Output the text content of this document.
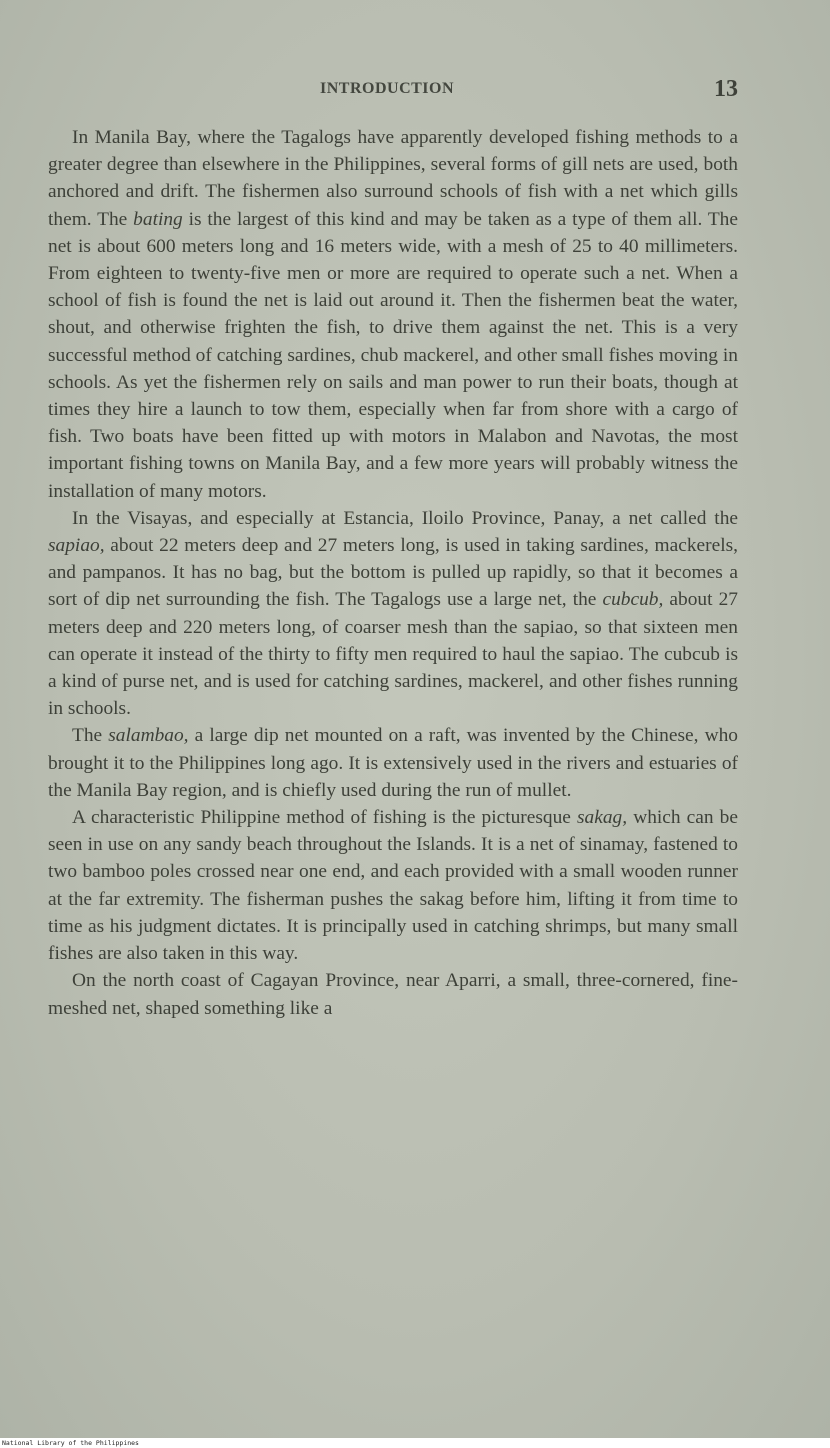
INTRODUCTION	13

In Manila Bay, where the Tagalogs have apparently developed fishing methods to a greater degree than elsewhere in the Philippines, several forms of gill nets are used, both anchored and drift. The fishermen also surround schools of fish with a net which gills them. The bating is the largest of this kind and may be taken as a type of them all. The net is about 600 meters long and 16 meters wide, with a mesh of 25 to 40 millimeters. From eighteen to twenty-five men or more are required to operate such a net. When a school of fish is found the net is laid out around it. Then the fishermen beat the water, shout, and otherwise frighten the fish, to drive them against the net. This is a very successful method of catching sardines, chub mackerel, and other small fishes moving in schools. As yet the fishermen rely on sails and man power to run their boats, though at times they hire a launch to tow them, especially when far from shore with a cargo of fish. Two boats have been fitted up with motors in Malabon and Navotas, the most important fishing towns on Manila Bay, and a few more years will probably witness the installation of many motors.

In the Visayas, and especially at Estancia, Iloilo Province, Panay, a net called the sapiao, about 22 meters deep and 27 meters long, is used in taking sardines, mackerels, and pampanos. It has no bag, but the bottom is pulled up rapidly, so that it becomes a sort of dip net surrounding the fish. The Tagalogs use a large net, the cubcub, about 27 meters deep and 220 meters long, of coarser mesh than the sapiao, so that sixteen men can operate it instead of the thirty to fifty men required to haul the sapiao. The cubcub is a kind of purse net, and is used for catching sardines, mackerel, and other fishes running in schools.

The salambao, a large dip net mounted on a raft, was invented by the Chinese, who brought it to the Philippines long ago. It is extensively used in the rivers and estuaries of the Manila Bay region, and is chiefly used during the run of mullet.

A characteristic Philippine method of fishing is the picturesque sakag, which can be seen in use on any sandy beach throughout the Islands. It is a net of sinamay, fastened to two bamboo poles crossed near one end, and each provided with a small wooden runner at the far extremity. The fisherman pushes the sakag before him, lifting it from time to time as his judgment dictates. It is principally used in catching shrimps, but many small fishes are also taken in this way.

On the north coast of Cagayan Province, near Aparri, a small, three-cornered, fine-meshed net, shaped something like a

National Library of the Philippines
